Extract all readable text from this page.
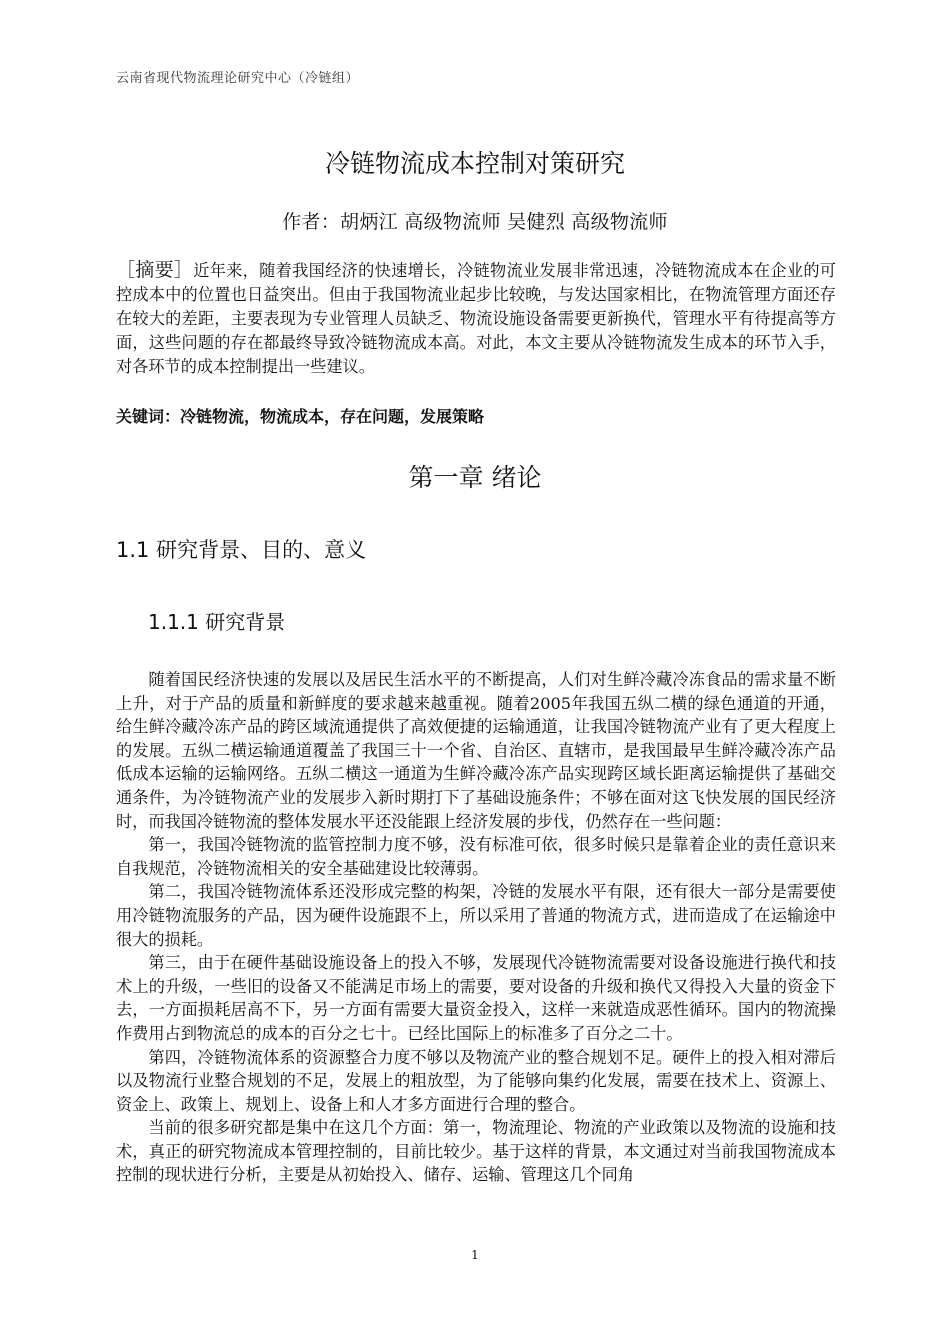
云南省现代物流理论研究中心（冷链组）
冷链物流成本控制对策研究
作者：胡炳江 高级物流师 吴健烈 高级物流师
［摘要］近年来，随着我国经济的快速增长，冷链物流业发展非常迅速，冷链物流成本在企业的可控成本中的位置也日益突出。但由于我国物流业起步比较晚，与发达国家相比，在物流管理方面还存在较大的差距，主要表现为专业管理人员缺乏、物流设施设备需要更新换代，管理水平有待提高等方面，这些问题的存在都最终导致冷链物流成本高。对此，本文主要从冷链物流发生成本的环节入手，对各环节的成本控制提出一些建议。
关键词：冷链物流，物流成本，存在问题，发展策略
第一章 绪论
1.1 研究背景、目的、意义
1.1.1 研究背景

随着国民经济快速的发展以及居民生活水平的不断提高，人们对生鲜冷藏冷冻食品的需求量不断上升，对于产品的质量和新鲜度的要求越来越重视。随着2005年我国五纵二横的绿色通道的开通，给生鲜冷藏冷冻产品的跨区域流通提供了高效便捷的运输通道，让我国冷链物流产业有了更大程度上的发展。五纵二横运输通道覆盖了我国三十一个省、自治区、直辖市，是我国最早生鲜冷藏冷冻产品低成本运输的运输网络。五纵二横这一通道为生鲜冷藏冷冻产品实现跨区域长距离运输提供了基础交通条件，为冷链物流产业的发展步入新时期打下了基础设施条件；不够在面对这飞快发展的国民经济时，而我国冷链物流的整体发展水平还没能跟上经济发展的步伐，仍然存在一些问题：

第一，我国冷链物流的监管控制力度不够，没有标准可依，很多时候只是靠着企业的责任意识来自我规范，冷链物流相关的安全基础建设比较薄弱。

第二，我国冷链物流体系还没形成完整的构架，冷链的发展水平有限，还有很大一部分是需要使用冷链物流服务的产品，因为硬件设施跟不上，所以采用了普通的物流方式，进而造成了在运输途中很大的损耗。

第三，由于在硬件基础设施设备上的投入不够，发展现代冷链物流需要对设备设施进行换代和技术上的升级，一些旧的设备又不能满足市场上的需要，要对设备的升级和换代又得投入大量的资金下去，一方面损耗居高不下，另一方面有需要大量资金投入，这样一来就造成恶性循环。国内的物流操作费用占到物流总的成本的百分之七十。已经比国际上的标准多了百分之二十。

第四，冷链物流体系的资源整合力度不够以及物流产业的整合规划不足。硬件上的投入相对滞后以及物流行业整合规划的不足，发展上的粗放型，为了能够向集约化发展，需要在技术上、资源上、资金上、政策上、规划上、设备上和人才多方面进行合理的整合。

当前的很多研究都是集中在这几个方面：第一，物流理论、物流的产业政策以及物流的设施和技术，真正的研究物流成本管理控制的，目前比较少。基于这样的背景，本文通过对当前我国物流成本控制的现状进行分析，主要是从初始投入、储存、运输、管理这几个同角

1
